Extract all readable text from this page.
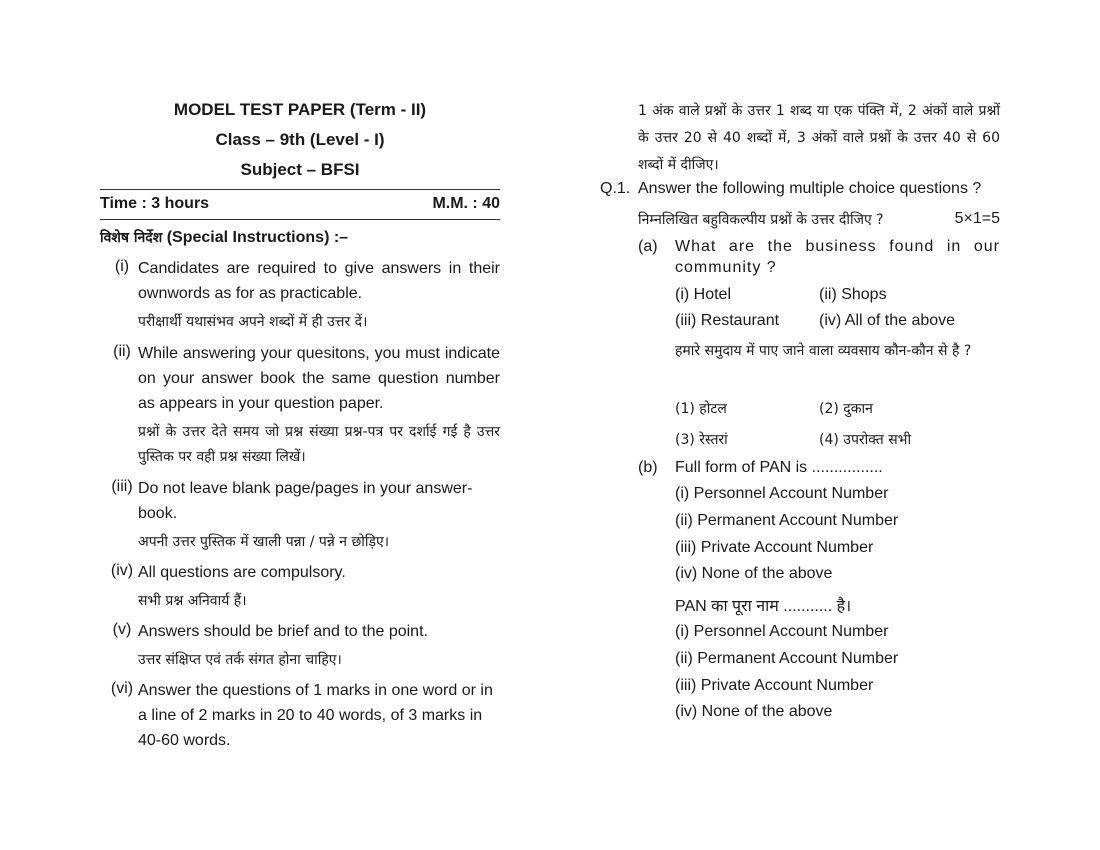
MODEL TEST PAPER (Term - II)
Class – 9th (Level - I)
Subject – BFSI
Time : 3 hours	M.M. : 40
विशेष निर्देश (Special Instructions) :–
(i) Candidates are required to give answers in their ownwords as for as practicable.
परीक्षार्थी यथासंभव अपने शब्दों में ही उत्तर दें।
(ii) While answering your quesitons, you must indicate on your answer book the same question number as appears in your question paper.
प्रश्नों के उत्तर देते समय जो प्रश्न संख्या प्रश्न-पत्र पर दर्शाई गई है उत्तर पुस्तिक पर वही प्रश्न संख्या लिखें।
(iii) Do not leave blank page/pages in your answer-book.
अपनी उत्तर पुस्तिक में खाली पन्ना / पन्ने न छोड़िए।
(iv) All questions are compulsory.
सभी प्रश्न अनिवार्य हैं।
(v) Answers should be brief and to the point.
उत्तर संक्षिप्त एवं तर्क संगत होना चाहिए।
(vi) Answer the questions of 1 marks in one word or in a line of 2 marks in 20 to 40 words, of 3 marks in 40-60 words.
1 अंक वाले प्रश्नों के उत्तर 1 शब्द या एक पंक्ति में, 2 अंकों वाले प्रश्नों के उत्तर 20 से 40 शब्दों में, 3 अंकों वाले प्रश्नों के उत्तर 40 से 60 शब्दों में दीजिए।
Q.1. Answer the following multiple choice questions ?
निम्नलिखित बहुविकल्पीय प्रश्नों के उत्तर दीजिए ?	5×1=5
(a) What are the business found in our community ?
(i) Hotel	(ii) Shops
(iii) Restaurant (iv) All of the above
हमारे समुदाय में पाए जाने वाला व्यवसाय कौन-कौन से है ?
(1) होटल	(2) दुकान
(3) रेस्तरां	(4) उपरोक्त सभी
(b) Full form of PAN is ................
(i) Personnel Account Number
(ii) Permanent Account Number
(iii) Private Account Number
(iv) None of the above
PAN का पूरा नाम ........... है।
(i) Personnel Account Number
(ii) Permanent Account Number
(iii) Private Account Number
(iv) None of the above
